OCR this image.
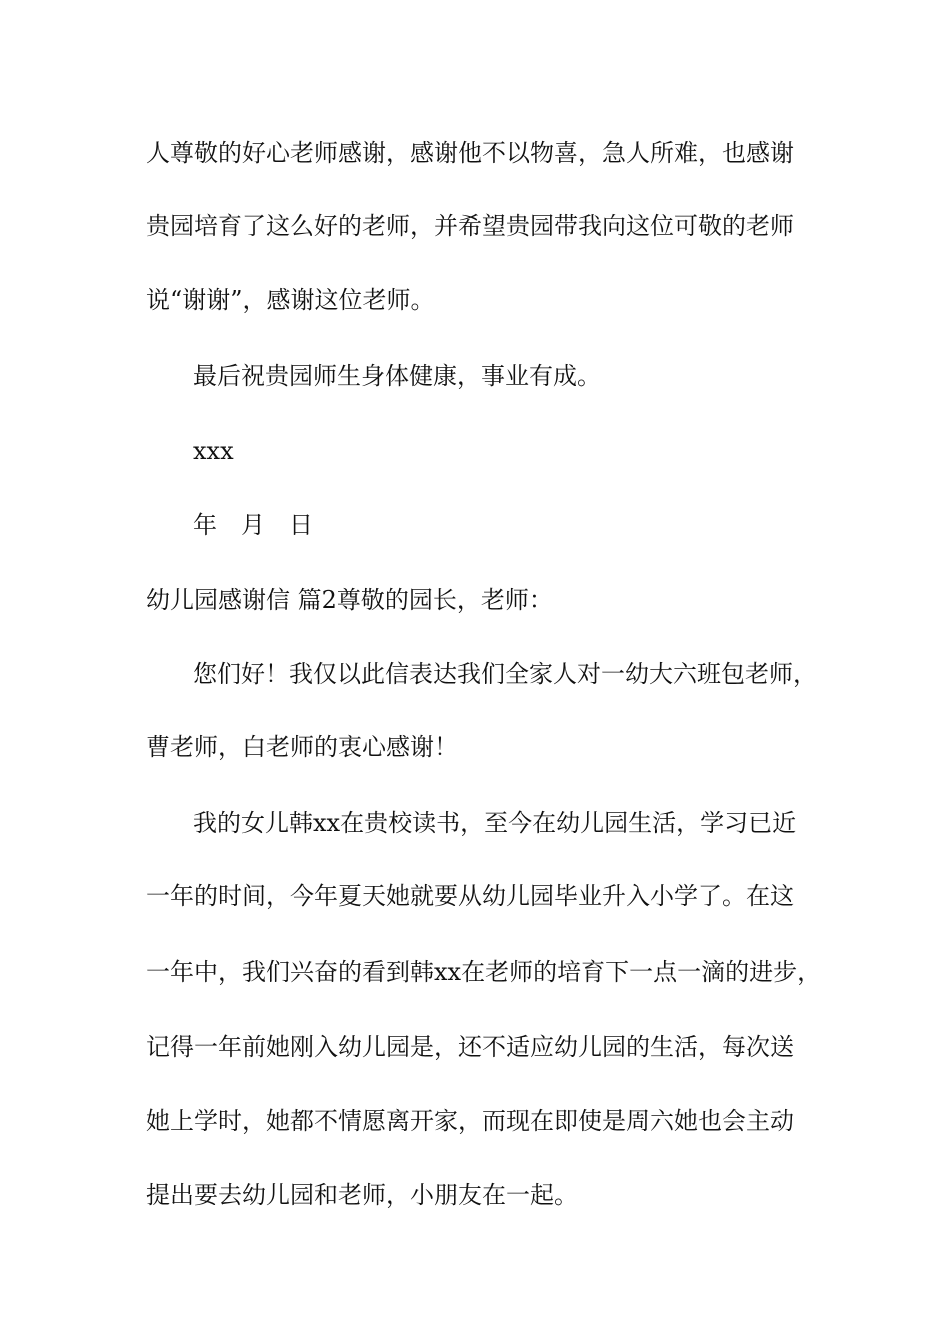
人尊敬的好心老师感谢，感谢他不以物喜，急人所难，也感谢
贵园培育了这么好的老师，并希望贵园带我向这位可敬的老师
说“谢谢”，感谢这位老师。
最后祝贵园师生身体健康，事业有成。
xxx
年　月　日
幼儿园感谢信 篇2尊敬的园长，老师：
您们好！我仅以此信表达我们全家人对一幼大六班包老师，
曹老师，白老师的衷心感谢！
我的女儿韩xx在贵校读书，至今在幼儿园生活，学习已近
一年的时间，今年夏天她就要从幼儿园毕业升入小学了。在这
一年中，我们兴奋的看到韩xx在老师的培育下一点一滴的进步，
记得一年前她刚入幼儿园是，还不适应幼儿园的生活，每次送
她上学时，她都不情愿离开家，而现在即使是周六她也会主动
提出要去幼儿园和老师，小朋友在一起。
